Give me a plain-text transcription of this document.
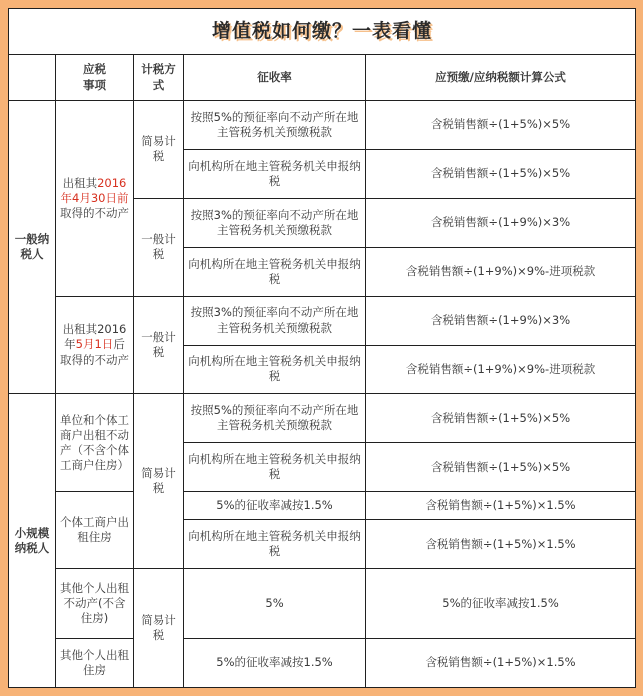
增值税如何缴？一表看懂				
	应税
事项	计税方
式	征收率	应预缴/应纳税额计算公式
一般纳
税人	出租其2016年4月30日前取得的不动产	简易计税	按照5%的预征率向不动产所在地主管税务机关预缴税款	含税销售额÷(1+5%)×5%
			向机构所在地主管税务机关申报纳税	含税销售额÷(1+5%)×5%
		一般计税	按照3%的预征率向不动产所在地主管税务机关预缴税款	含税销售额÷(1+9%)×3%
			向机构所在地主管税务机关申报纳税	含税销售额÷(1+9%)×9%-进项税款
	出租其2016年5月1日后取得的不动产	一般计税	按照3%的预征率向不动产所在地主管税务机关预缴税款	含税销售额÷(1+9%)×3%
			向机构所在地主管税务机关申报纳税	含税销售额÷(1+9%)×9%-进项税款
小规模
纳税人	单位和个体工商户出租不动产（不含个体工商户住房）	简易计税	按照5%的预征率向不动产所在地主管税务机关预缴税款	含税销售额÷(1+5%)×5%
			向机构所在地主管税务机关申报纳税	含税销售额÷(1+5%)×5%
	个体工商户出租住房		5%的征收率减按1.5%	含税销售额÷(1+5%)×1.5%
			向机构所在地主管税务机关申报纳税	含税销售额÷(1+5%)×1.5%
	其他个人出租不动产(不含住房)	简易计税	5%	5%的征收率减按1.5%
	其他个人出租住房		5%的征收率减按1.5%	含税销售额÷(1+5%)×1.5%
